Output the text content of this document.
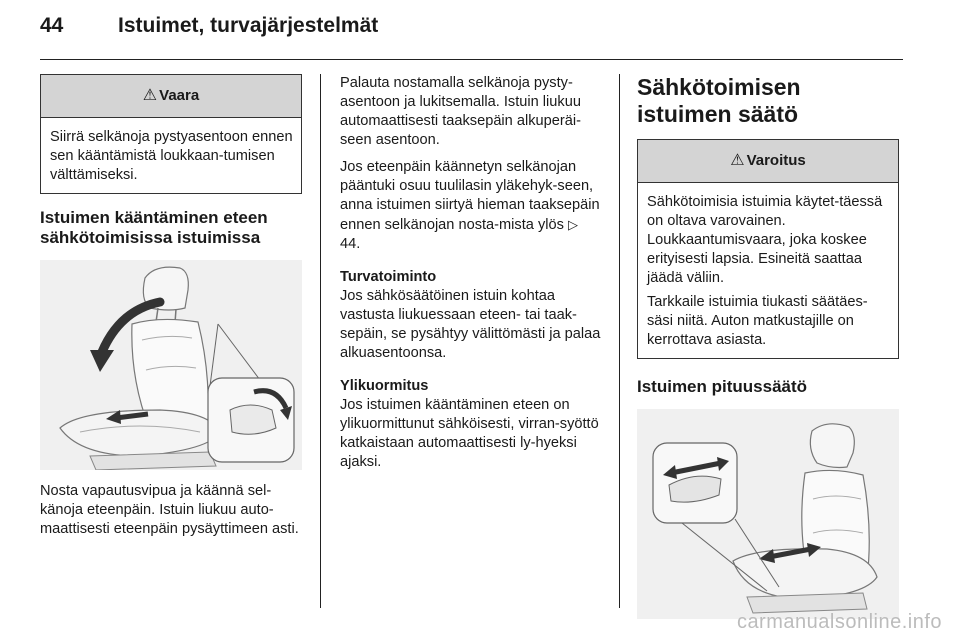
44	Istuimet, turvajärjestelmät
⚠ Vaara

Siirrä selkänoja pystyasentoon ennen sen kääntämistä loukkaan-tumisen välttämiseksi.

Istuimen kääntäminen eteen sähkötoimisissa istuimissa

Nosta vapautusvipua ja käännä sel-känoja eteenpäin. Istuin liukuu auto-maattisesti eteenpäin pysäyttimeen asti.

Palauta nostamalla selkänoja pysty-asentoon ja lukitsemalla. Istuin liukuu automaattisesti taaksepäin alkuperäi-seen asentoon.

Jos eteenpäin käännetyn selkänojan pääntuki osuu tuulilasin yläkehyk-seen, anna istuimen siirtyä hieman taaksepäin ennen selkänojan nosta-mista ylös ▷ 44.

Turvatoiminto

Jos sähkösäätöinen istuin kohtaa vastusta liukuessaan eteen- tai taak-sepäin, se pysähtyy välittömästi ja palaa alkuasentoonsa.

Ylikuormitus

Jos istuimen kääntäminen eteen on ylikuormittunut sähköisesti, virran-syöttö katkaistaan automaattisesti ly-hyeksi ajaksi.

Sähkötoimisen istuimen säätö
⚠ Varoitus

Sähkötoimisia istuimia käytet-täessä on oltava varovainen. Loukkaantumisvaara, joka koskee erityisesti lapsia. Esineitä saattaa jäädä väliin.

Tarkkaile istuimia tiukasti säätäes-säsi niitä. Auton matkustajille on kerrottava asiasta.

Istuimen pituussäätö
carmanualsonline.info
